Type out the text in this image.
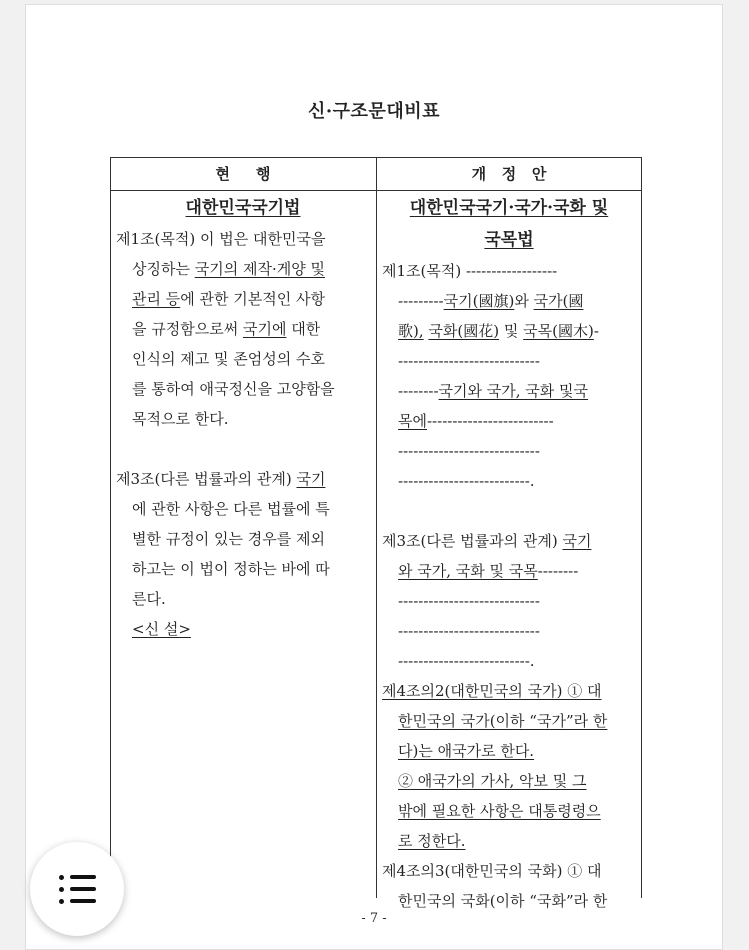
신·구조문대비표
현     행	개   정   안
대한민국국기법
제1조(목적) 이 법은 대한민국을
상징하는 국기의 제작·게양 및
관리 등에 관한 기본적인 사항
을 규정함으로써 국기에 대한
인식의 제고 및 존엄성의 수호
를 통하여 애국정신을 고양함을
목적으로 한다.
제3조(다른 법률과의 관계) 국기
에 관한 사항은 다른 법률에 특
별한 규정이 있는 경우를 제외
하고는 이 법이 정하는 바에 따
른다.
<신 설>
대한민국국기·국가·국화 및
국목법
제1조(목적) ------------------
---------국기(國旗)와 국가(國
歌), 국화(國花) 및 국목(國木)-
----------------------------
--------국기와 국가, 국화 및국
목에-------------------------
----------------------------
--------------------------.
제3조(다른 법률과의 관계) 국기
와 국가, 국화 및 국목--------
----------------------------
----------------------------
--------------------------.
제4조의2(대한민국의 국가) ① 대
한민국의 국가(이하 “국가”라 한
다)는 애국가로 한다.
② 애국가의 가사, 악보 및 그
밖에 필요한 사항은 대통령령으
로 정한다.
제4조의3(대한민국의 국화) ① 대
한민국의 국화(이하 “국화”라 한
- 7 -
